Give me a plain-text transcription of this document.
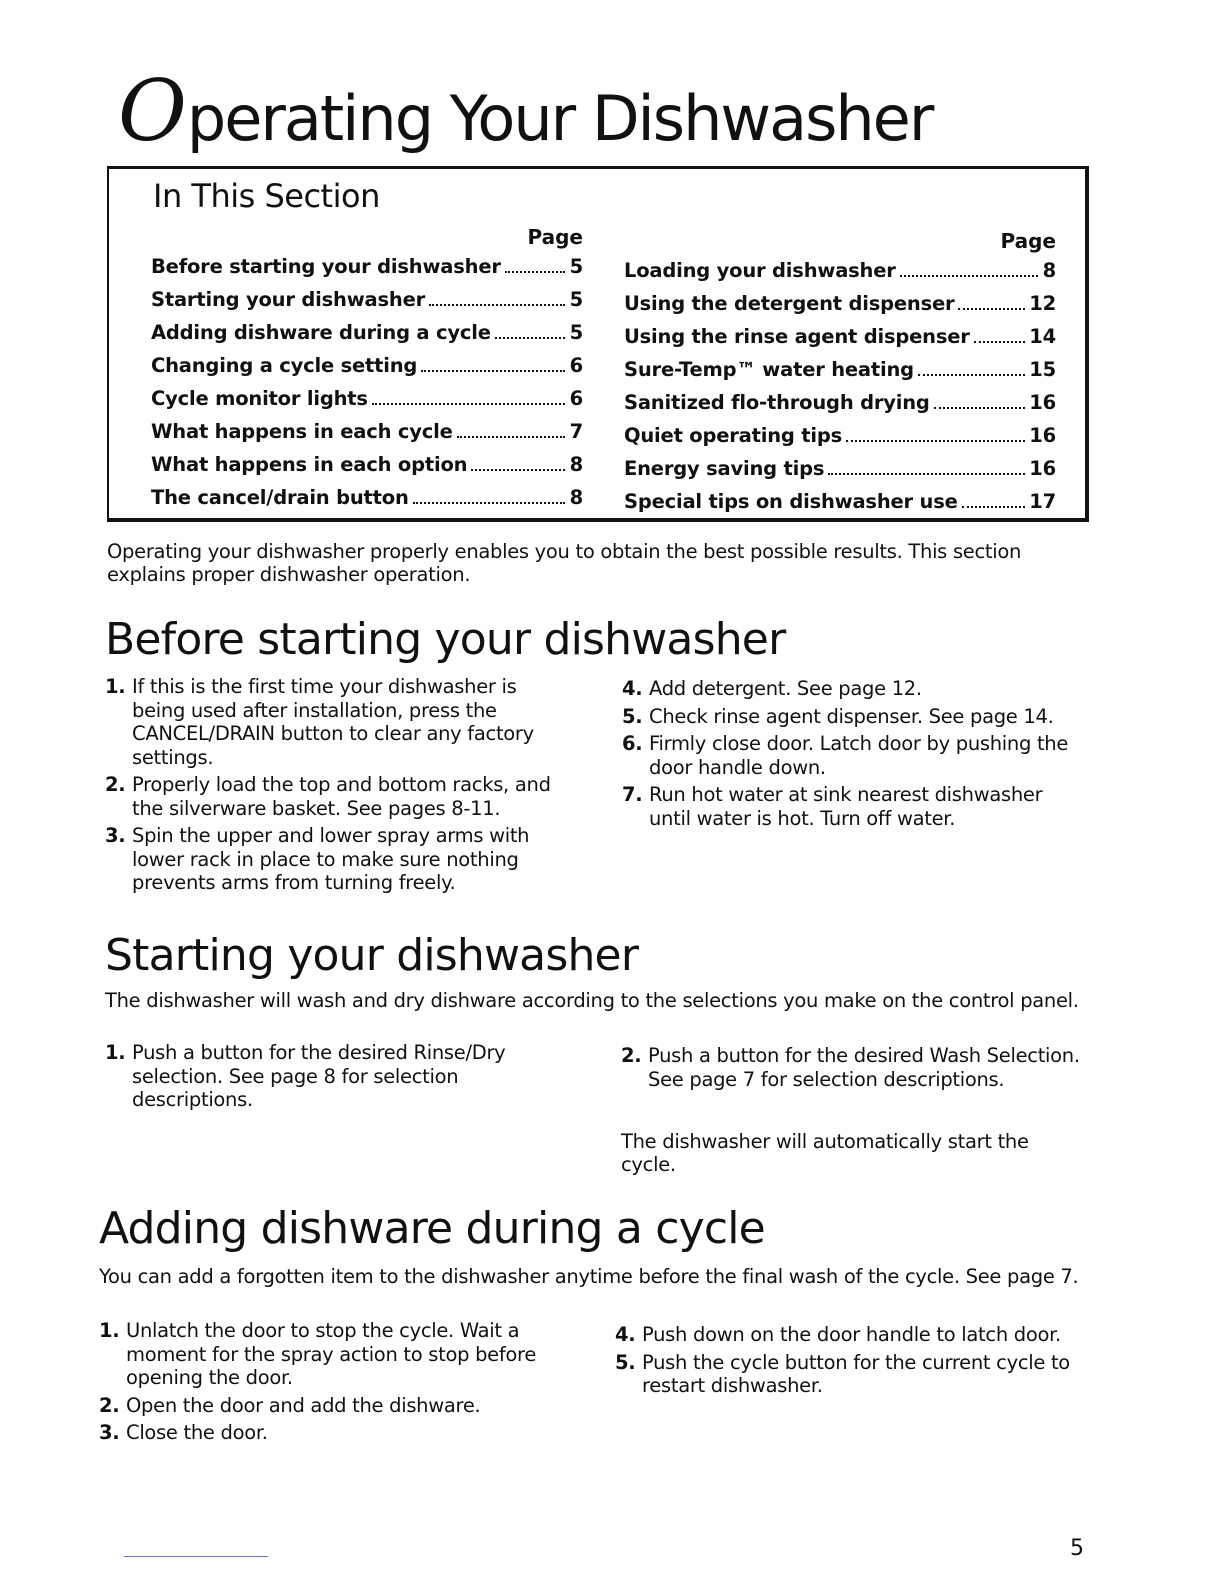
Operating Your Dishwasher
In This Section
Page
Before starting your dishwasher	5
Starting your dishwasher	5
Adding dishware during a cycle	5
Changing a cycle setting	6
Cycle monitor lights	6
What happens in each cycle	7
What happens in each option	8
The cancel/drain button	8
Page
Loading your dishwasher	8
Using the detergent dispenser	12
Using the rinse agent dispenser	14
Sure-Temp™ water heating	15
Sanitized flo-through drying	16
Quiet operating tips	16
Energy saving tips	16
Special tips on dishwasher use	17

Operating your dishwasher properly enables you to obtain the best possible results. This section explains proper dishwasher operation.

Before starting your dishwasher
1. If this is the first time your dishwasher is being used after installation, press the CANCEL/DRAIN button to clear any factory settings.
2. Properly load the top and bottom racks, and the silverware basket. See pages 8-11.
3. Spin the upper and lower spray arms with lower rack in place to make sure nothing prevents arms from turning freely.
4. Add detergent. See page 12.
5. Check rinse agent dispenser. See page 14.
6. Firmly close door. Latch door by pushing the door handle down.
7. Run hot water at sink nearest dishwasher until water is hot. Turn off water.
Starting your dishwasher

The dishwasher will wash and dry dishware according to the selections you make on the control panel.

1. Push a button for the desired Rinse/Dry selection. See page 8 for selection descriptions.
2. Push a button for the desired Wash Selection. See page 7 for selection descriptions.

The dishwasher will automatically start the cycle.

Adding dishware during a cycle

You can add a forgotten item to the dishwasher anytime before the final wash of the cycle. See page 7.

1. Unlatch the door to stop the cycle. Wait a moment for the spray action to stop before opening the door.
2. Open the door and add the dishware.
3. Close the door.
4. Push down on the door handle to latch door.
5. Push the cycle button for the current cycle to restart dishwasher.
5
